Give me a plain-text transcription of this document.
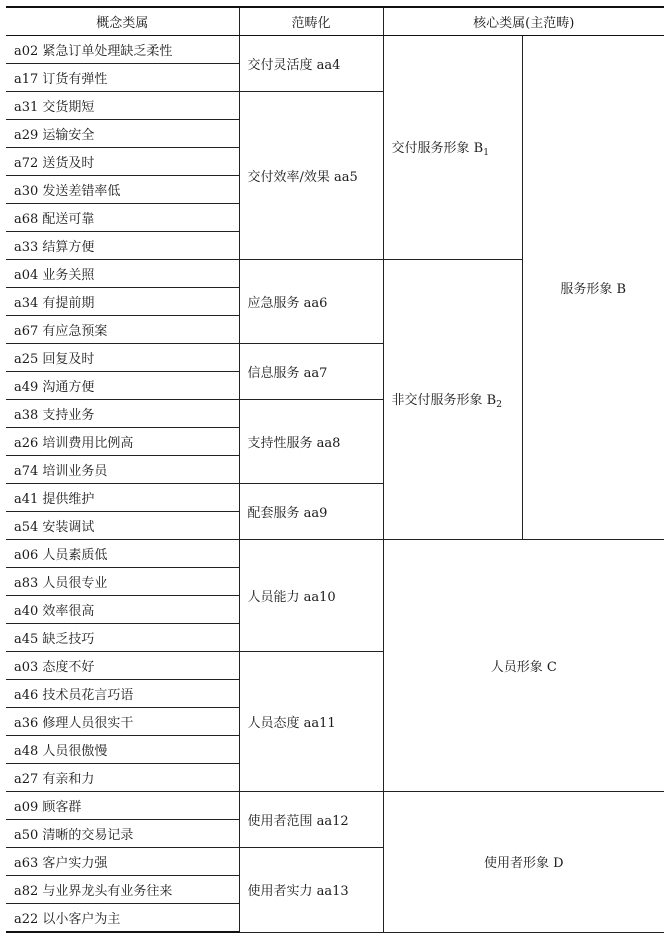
概念类属	范畴化	核心类属(主范畴)	
a02 紧急订单处理缺乏柔性	交付灵活度 aa4	交付服务形象 $B_1$	服务形象 B
a17 订货有弹性			
a31 交货期短	交付效率/效果 aa5		
a29 运输安全			
a72 送货及时			
a30 发送差错率低			
a68 配送可靠			
a33 结算方便			
a04 业务关照	应急服务 aa6	非交付服务形象 $B_2$
a34 有提前期			
a67 有应急预案			
a25 回复及时	信息服务 aa7		
a49 沟通方便			
a38 支持业务	支持性服务 aa8		
a26 培训费用比例高			
a74 培训业务员			
a41 提供维护	配套服务 aa9		
a54 安装调试			
a06 人员素质低	人员能力 aa10	人员形象 C	
a83 人员很专业			
a40 效率很高			
a45 缺乏技巧			
a03 态度不好	人员态度 aa11		
a46 技术员花言巧语			
a36 修理人员很实干			
a48 人员很傲慢			
a27 有亲和力			
a09 顾客群	使用者范围 aa12	使用者形象 D	
a50 清晰的交易记录			
a63 客户实力强	使用者实力 aa13		
a82 与业界龙头有业务往来			
a22 以小客户为主			
